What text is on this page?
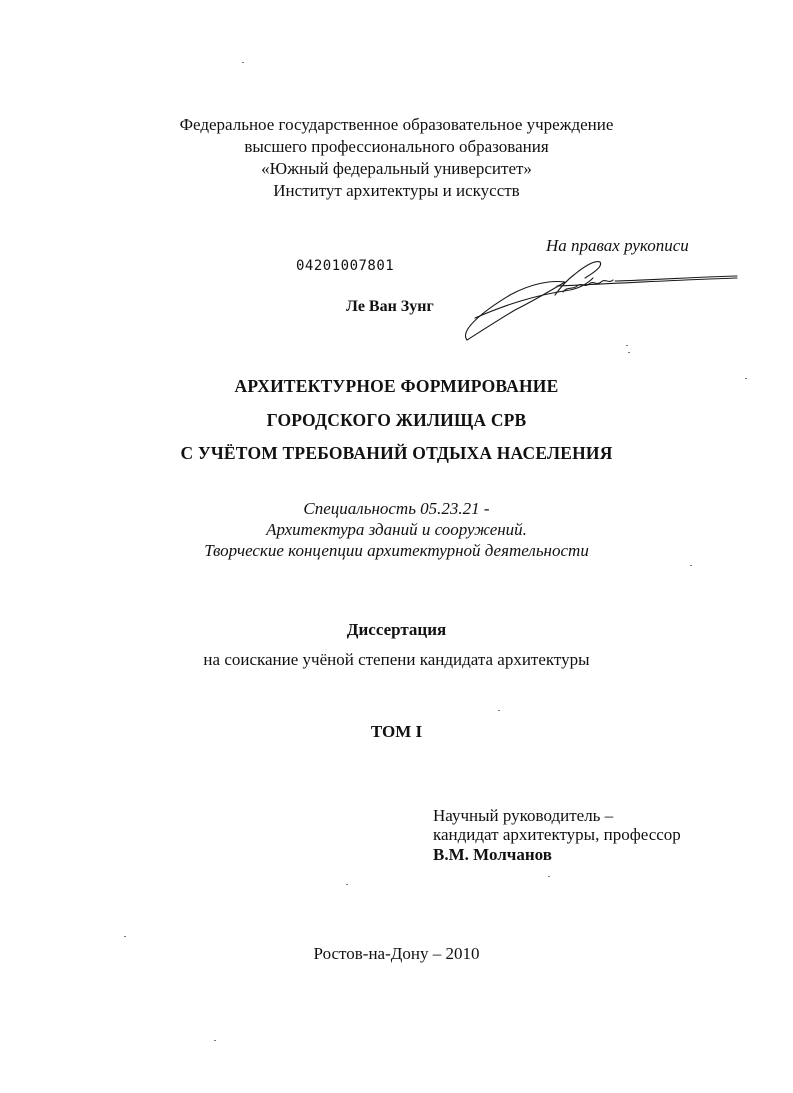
Федеральное государственное образовательное учреждение
высшего профессионального образования
«Южный федеральный университет»
Институт архитектуры и искусств
На правах рукописи
04201007801
Ле Ван Зунг
АРХИТЕКТУРНОЕ ФОРМИРОВАНИЕ
ГОРОДСКОГО ЖИЛИЩА СРВ
С УЧЁТОМ ТРЕБОВАНИЙ ОТДЫХА НАСЕЛЕНИЯ
Специальность 05.23.21 -
Архитектура зданий и сооружений.
Творческие концепции архитектурной деятельности
Диссертация
на соискание учёной степени кандидата архитектуры
ТОМ I
Научный руководитель –
кандидат архитектуры, профессор
В.М. Молчанов
Ростов-на-Дону – 2010
